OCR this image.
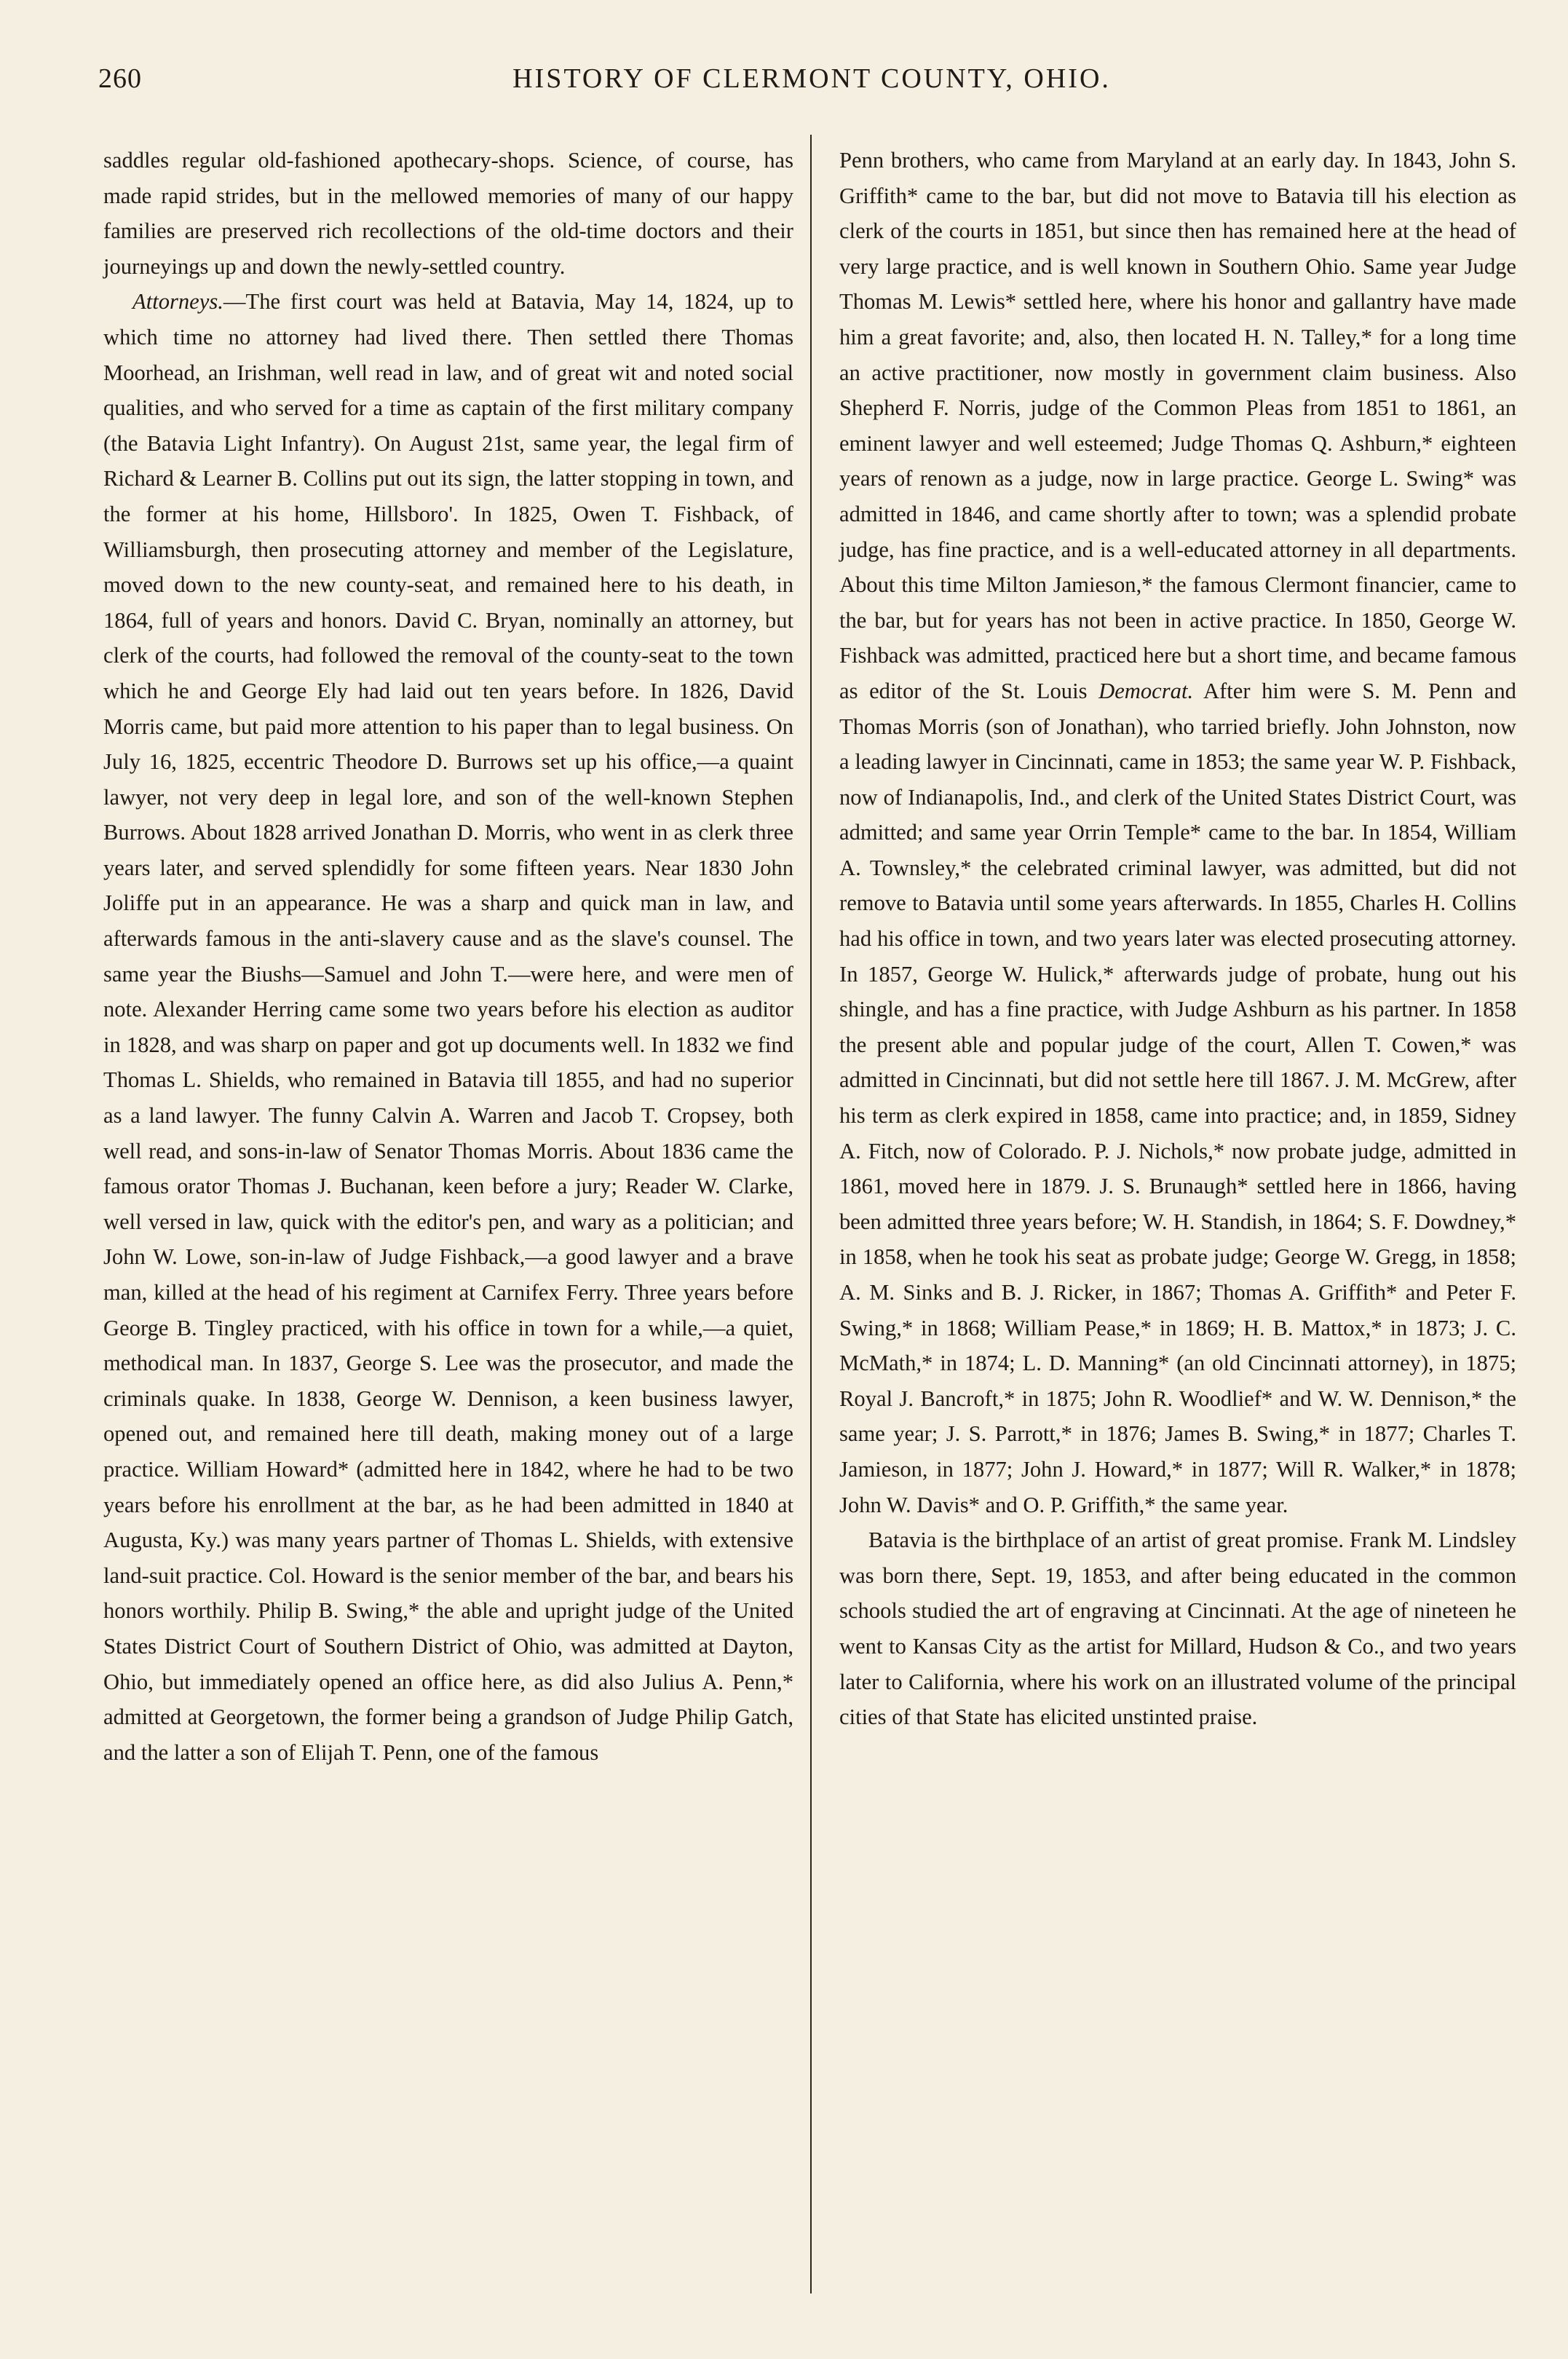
260	HISTORY OF CLERMONT COUNTY, OHIO.

saddles regular old-fashioned apothecary-shops. Science, of course, has made rapid strides, but in the mellowed memories of many of our happy families are preserved rich recollections of the old-time doctors and their journeyings up and down the newly-settled country.

Attorneys.—The first court was held at Batavia, May 14, 1824, up to which time no attorney had lived there. Then settled there Thomas Moorhead, an Irishman, well read in law, and of great wit and noted social qualities, and who served for a time as captain of the first military company (the Batavia Light Infantry). On August 21st, same year, the legal firm of Richard & Learner B. Collins put out its sign, the latter stopping in town, and the former at his home, Hillsboro'. In 1825, Owen T. Fishback, of Williamsburgh, then prosecuting attorney and member of the Legislature, moved down to the new county-seat, and remained here to his death, in 1864, full of years and honors. David C. Bryan, nominally an attorney, but clerk of the courts, had followed the removal of the county-seat to the town which he and George Ely had laid out ten years before. In 1826, David Morris came, but paid more attention to his paper than to legal business. On July 16, 1825, eccentric Theodore D. Burrows set up his office,—a quaint lawyer, not very deep in legal lore, and son of the well-known Stephen Burrows. About 1828 arrived Jonathan D. Morris, who went in as clerk three years later, and served splendidly for some fifteen years. Near 1830 John Joliffe put in an appearance. He was a sharp and quick man in law, and afterwards famous in the anti-slavery cause and as the slave's counsel. The same year the Biushs—Samuel and John T.—were here, and were men of note. Alexander Herring came some two years before his election as auditor in 1828, and was sharp on paper and got up documents well. In 1832 we find Thomas L. Shields, who remained in Batavia till 1855, and had no superior as a land lawyer. The funny Calvin A. Warren and Jacob T. Cropsey, both well read, and sons-in-law of Senator Thomas Morris. About 1836 came the famous orator Thomas J. Buchanan, keen before a jury; Reader W. Clarke, well versed in law, quick with the editor's pen, and wary as a politician; and John W. Lowe, son-in-law of Judge Fishback,—a good lawyer and a brave man, killed at the head of his regiment at Carnifex Ferry. Three years before George B. Tingley practiced, with his office in town for a while,—a quiet, methodical man. In 1837, George S. Lee was the prosecutor, and made the criminals quake. In 1838, George W. Dennison, a keen business lawyer, opened out, and remained here till death, making money out of a large practice. William Howard* (admitted here in 1842, where he had to be two years before his enrollment at the bar, as he had been admitted in 1840 at Augusta, Ky.) was many years partner of Thomas L. Shields, with extensive land-suit practice. Col. Howard is the senior member of the bar, and bears his honors worthily. Philip B. Swing,* the able and upright judge of the United States District Court of Southern District of Ohio, was admitted at Dayton, Ohio, but immediately opened an office here, as did also Julius A. Penn,* admitted at Georgetown, the former being a grandson of Judge Philip Gatch, and the latter a son of Elijah T. Penn, one of the famous

Penn brothers, who came from Maryland at an early day. In 1843, John S. Griffith* came to the bar, but did not move to Batavia till his election as clerk of the courts in 1851, but since then has remained here at the head of very large practice, and is well known in Southern Ohio. Same year Judge Thomas M. Lewis* settled here, where his honor and gallantry have made him a great favorite; and, also, then located H. N. Talley,* for a long time an active practitioner, now mostly in government claim business. Also Shepherd F. Norris, judge of the Common Pleas from 1851 to 1861, an eminent lawyer and well esteemed; Judge Thomas Q. Ashburn,* eighteen years of renown as a judge, now in large practice. George L. Swing* was admitted in 1846, and came shortly after to town; was a splendid probate judge, has fine practice, and is a well-educated attorney in all departments. About this time Milton Jamieson,* the famous Clermont financier, came to the bar, but for years has not been in active practice. In 1850, George W. Fishback was admitted, practiced here but a short time, and became famous as editor of the St. Louis Democrat. After him were S. M. Penn and Thomas Morris (son of Jonathan), who tarried briefly. John Johnston, now a leading lawyer in Cincinnati, came in 1853; the same year W. P. Fishback, now of Indianapolis, Ind., and clerk of the United States District Court, was admitted; and same year Orrin Temple* came to the bar. In 1854, William A. Townsley,* the celebrated criminal lawyer, was admitted, but did not remove to Batavia until some years afterwards. In 1855, Charles H. Collins had his office in town, and two years later was elected prosecuting attorney. In 1857, George W. Hulick,* afterwards judge of probate, hung out his shingle, and has a fine practice, with Judge Ashburn as his partner. In 1858 the present able and popular judge of the court, Allen T. Cowen,* was admitted in Cincinnati, but did not settle here till 1867. J. M. McGrew, after his term as clerk expired in 1858, came into practice; and, in 1859, Sidney A. Fitch, now of Colorado. P. J. Nichols,* now probate judge, admitted in 1861, moved here in 1879. J. S. Brunaugh* settled here in 1866, having been admitted three years before; W. H. Standish, in 1864; S. F. Dowdney,* in 1858, when he took his seat as probate judge; George W. Gregg, in 1858; A. M. Sinks and B. J. Ricker, in 1867; Thomas A. Griffith* and Peter F. Swing,* in 1868; William Pease,* in 1869; H. B. Mattox,* in 1873; J. C. McMath,* in 1874; L. D. Manning* (an old Cincinnati attorney), in 1875; Royal J. Bancroft,* in 1875; John R. Woodlief* and W. W. Dennison,* the same year; J. S. Parrott,* in 1876; James B. Swing,* in 1877; Charles T. Jamieson, in 1877; John J. Howard,* in 1877; Will R. Walker,* in 1878; John W. Davis* and O. P. Griffith,* the same year.

Batavia is the birthplace of an artist of great promise. Frank M. Lindsley was born there, Sept. 19, 1853, and after being educated in the common schools studied the art of engraving at Cincinnati. At the age of nineteen he went to Kansas City as the artist for Millard, Hudson & Co., and two years later to California, where his work on an illustrated volume of the principal cities of that State has elicited unstinted praise.
